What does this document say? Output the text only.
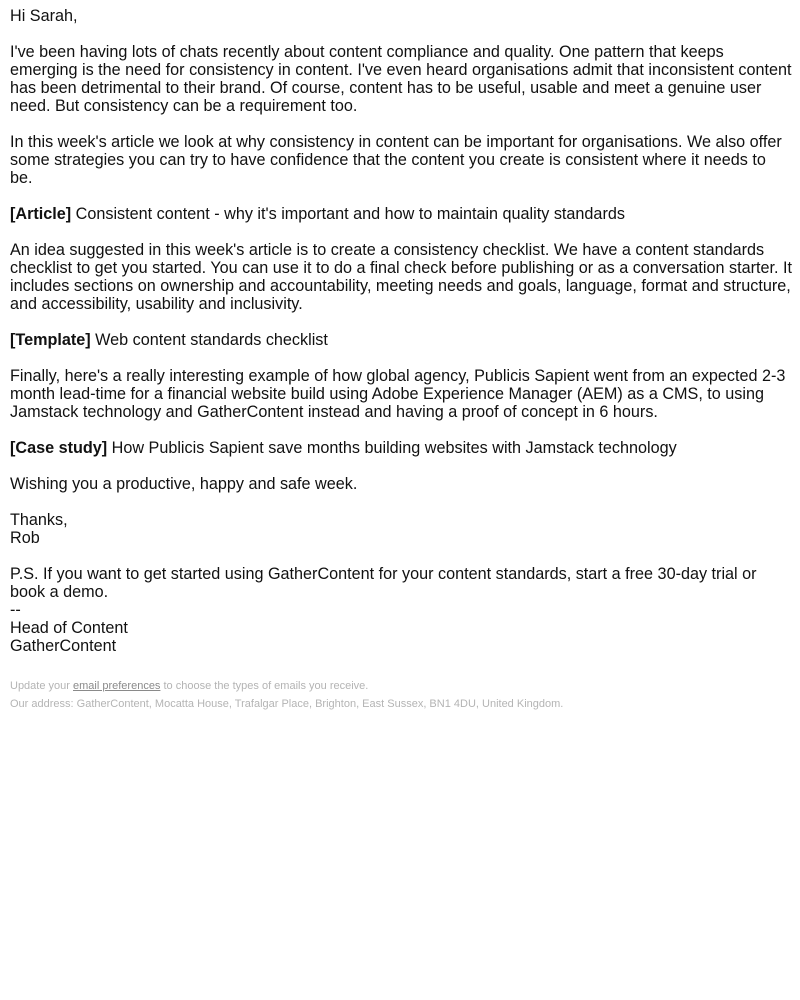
Hi Sarah,

I've been having lots of chats recently about content compliance and quality. One pattern that keeps emerging is the need for consistency in content. I've even heard organisations admit that inconsistent content has been detrimental to their brand. Of course, content has to be useful, usable and meet a genuine user need. But consistency can be a requirement too.

In this week's article we look at why consistency in content can be important for organisations. We also offer some strategies you can try to have confidence that the content you create is consistent where it needs to be.

[Article] Consistent content - why it's important and how to maintain quality standards

An idea suggested in this week's article is to create a consistency checklist. We have a content standards checklist to get you started. You can use it to do a final check before publishing or as a conversation starter. It includes sections on ownership and accountability, meeting needs and goals, language, format and structure, and accessibility, usability and inclusivity.

[Template] Web content standards checklist

Finally, here's a really interesting example of how global agency, Publicis Sapient went from an expected 2-3 month lead-time for a financial website build using Adobe Experience Manager (AEM) as a CMS, to using Jamstack technology and GatherContent instead and having a proof of concept in 6 hours.

[Case study] How Publicis Sapient save months building websites with Jamstack technology

Wishing you a productive, happy and safe week.

Thanks,

Rob

P.S. If you want to get started using GatherContent for your content standards, start a free 30-day trial or book a demo.

--

Head of Content

GatherContent

Update your email preferences to choose the types of emails you receive.

Our address: GatherContent, Mocatta House, Trafalgar Place, Brighton, East Sussex, BN1 4DU, United Kingdom.
